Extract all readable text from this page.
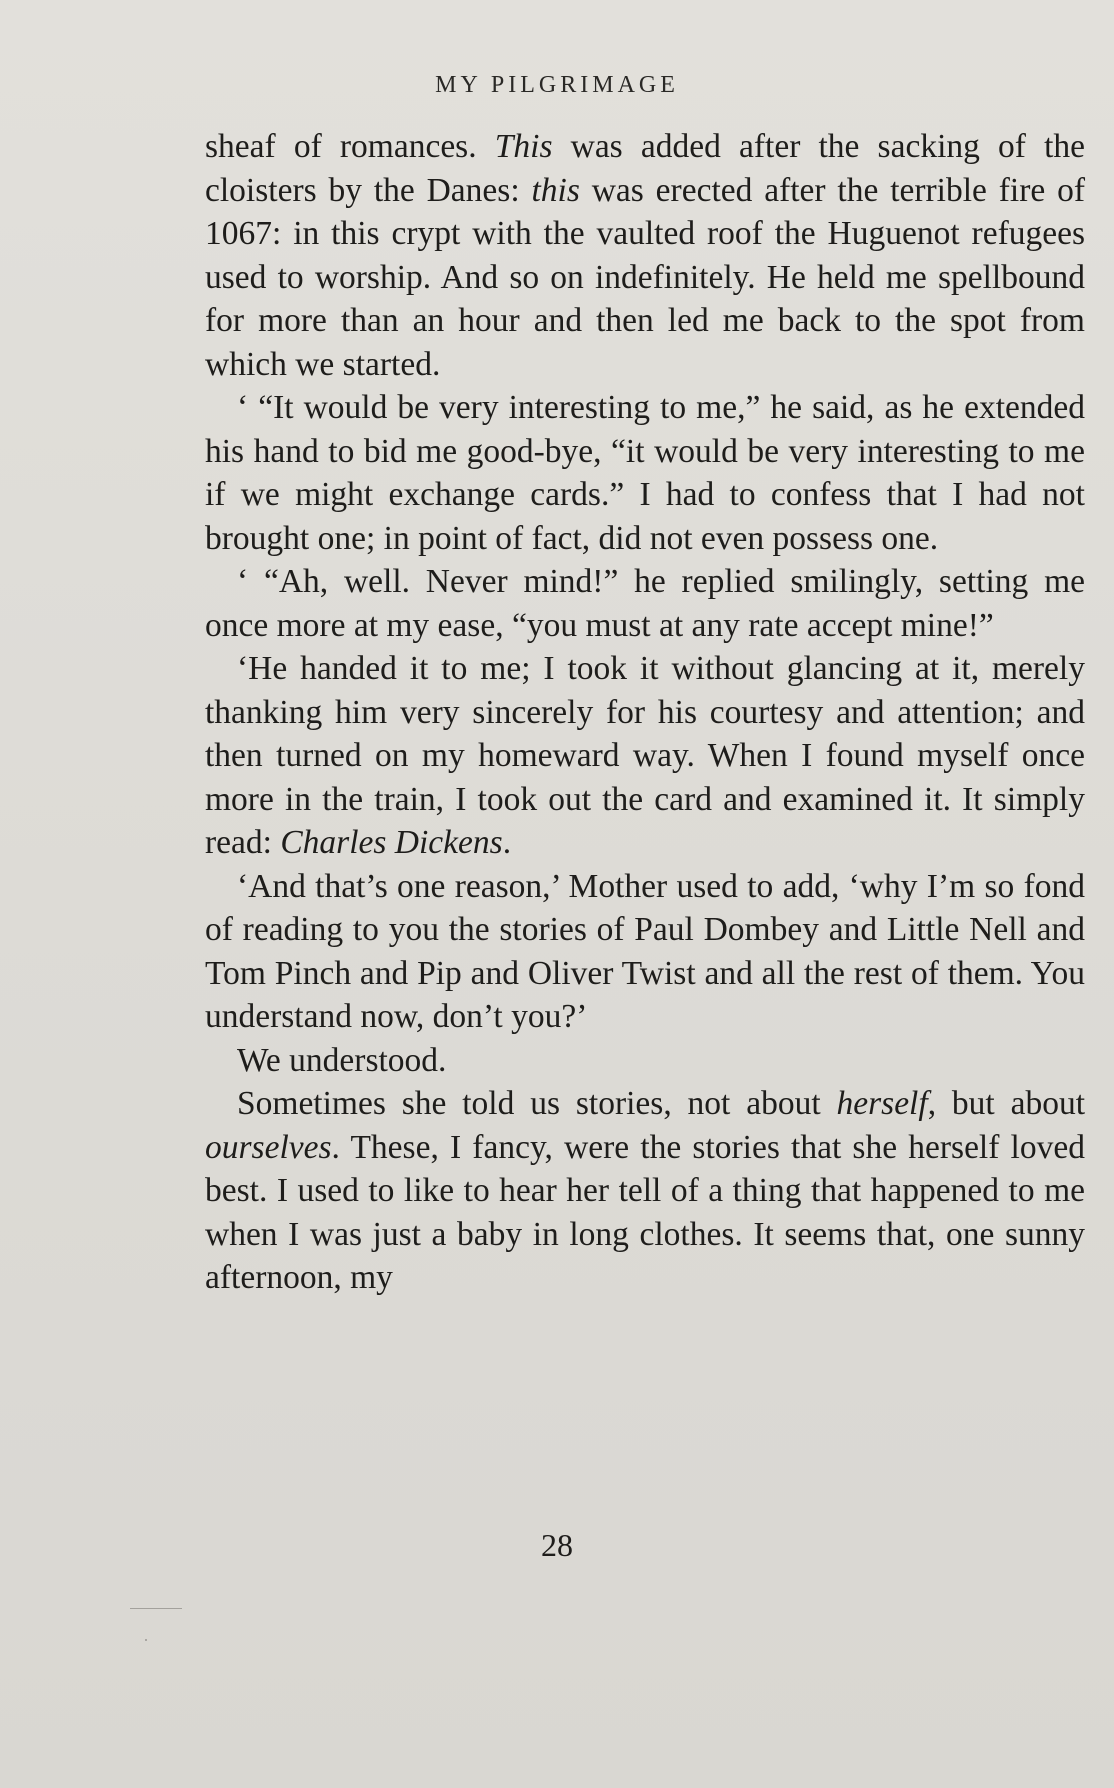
MY PILGRIMAGE

sheaf of romances. This was added after the sacking of the cloisters by the Danes: this was erected after the terrible fire of 1067: in this crypt with the vaulted roof the Huguenot refugees used to worship. And so on indefinitely. He held me spellbound for more than an hour and then led me back to the spot from which we started.

‘ “It would be very interesting to me,” he said, as he extended his hand to bid me good-bye, “it would be very interesting to me if we might exchange cards.” I had to confess that I had not brought one; in point of fact, did not even possess one.

‘ “Ah, well. Never mind!” he replied smilingly, setting me once more at my ease, “you must at any rate accept mine!”

‘He handed it to me; I took it without glancing at it, merely thanking him very sincerely for his courtesy and attention; and then turned on my homeward way. When I found myself once more in the train, I took out the card and examined it. It simply read: Charles Dickens.

‘And that’s one reason,’ Mother used to add, ‘why I’m so fond of reading to you the stories of Paul Dombey and Little Nell and Tom Pinch and Pip and Oliver Twist and all the rest of them. You understand now, don’t you?’

We understood.

Sometimes she told us stories, not about herself, but about ourselves. These, I fancy, were the stories that she herself loved best. I used to like to hear her tell of a thing that happened to me when I was just a baby in long clothes. It seems that, one sunny afternoon, my

28
